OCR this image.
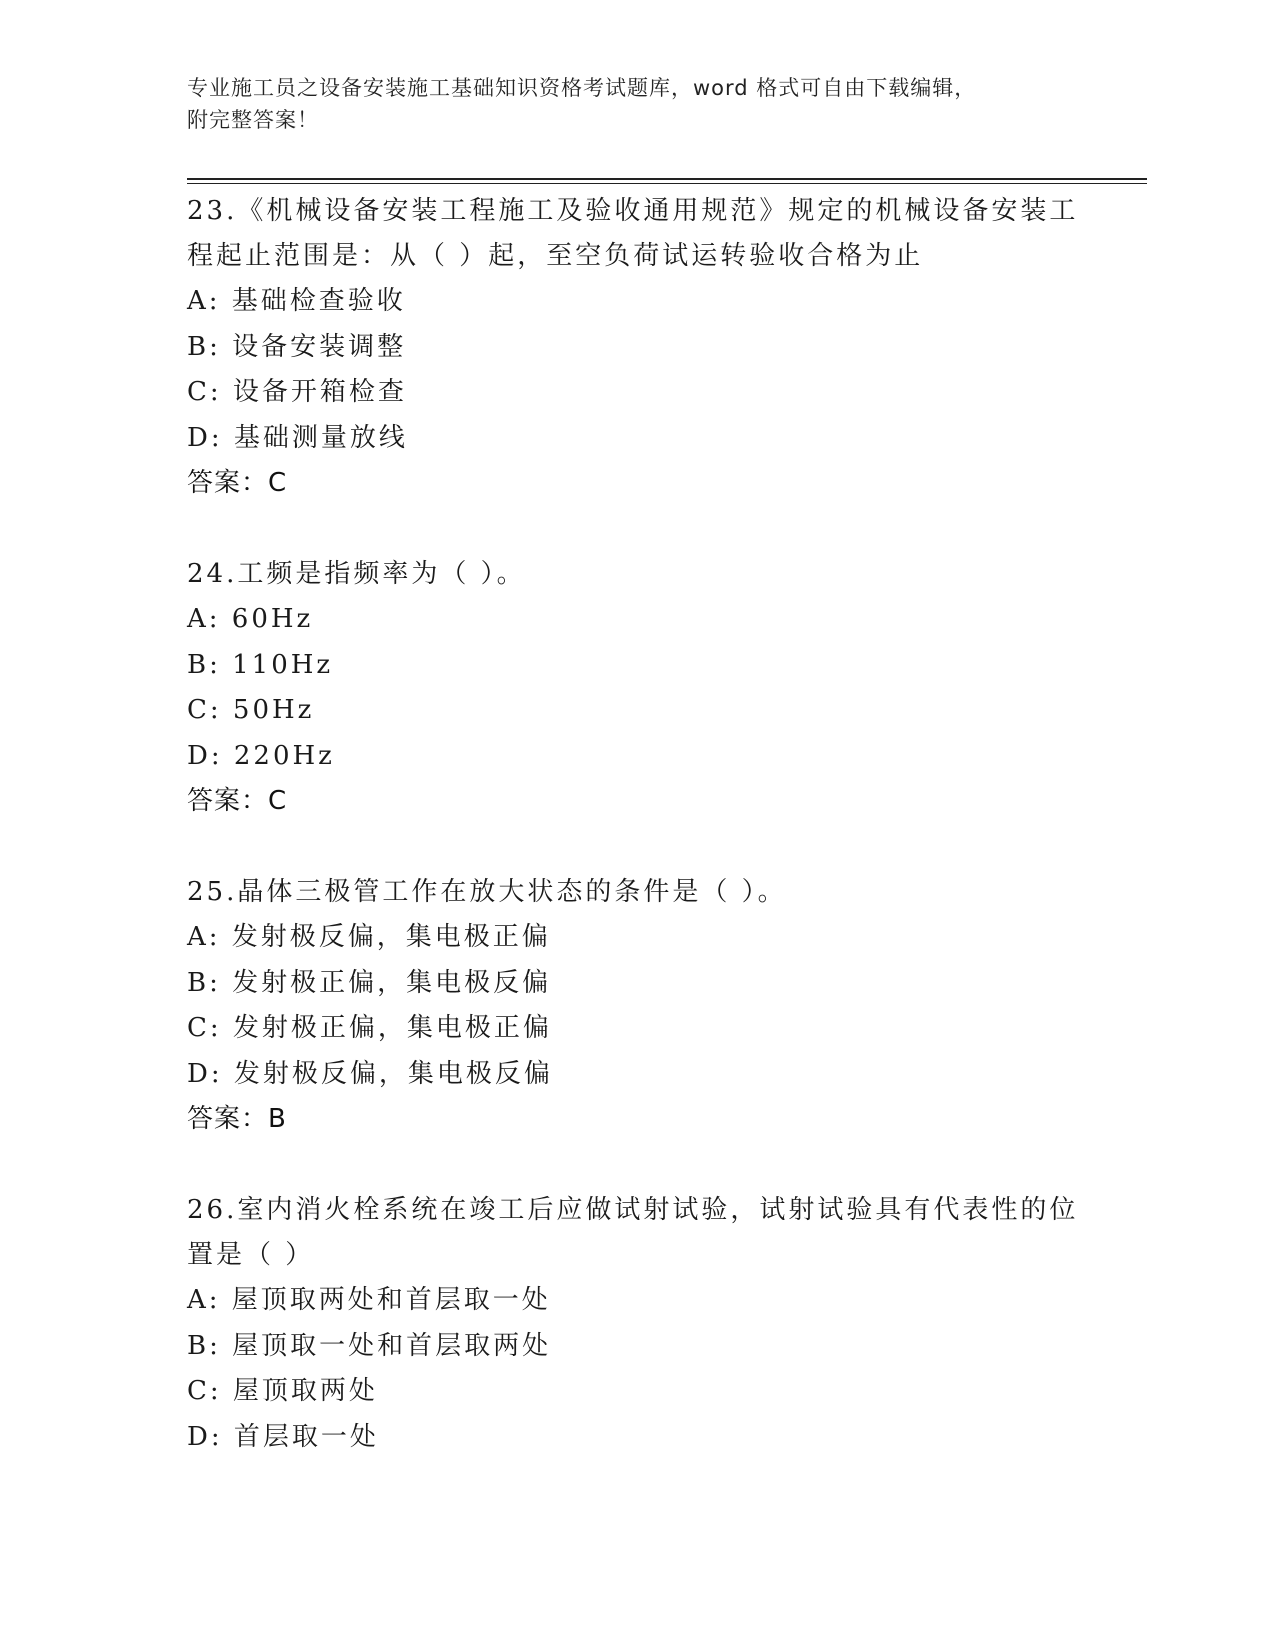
专业施工员之设备安装施工基础知识资格考试题库，word 格式可自由下载编辑，
附完整答案！
23.《机械设备安装工程施工及验收通用规范》规定的机械设备安装工
程起止范围是：从（ ）起，至空负荷试运转验收合格为止
A: 基础检查验收
B: 设备安装调整
C: 设备开箱检查
D: 基础测量放线
答案：C
24.工频是指频率为（ ）。
A: 60Hz
B: 110Hz
C: 50Hz
D: 220Hz
答案：C
25.晶体三极管工作在放大状态的条件是（ ）。
A: 发射极反偏，集电极正偏
B: 发射极正偏，集电极反偏
C: 发射极正偏，集电极正偏
D: 发射极反偏，集电极反偏
答案：B
26.室内消火栓系统在竣工后应做试射试验，试射试验具有代表性的位
置是（ ）
A: 屋顶取两处和首层取一处
B: 屋顶取一处和首层取两处
C: 屋顶取两处
D: 首层取一处
